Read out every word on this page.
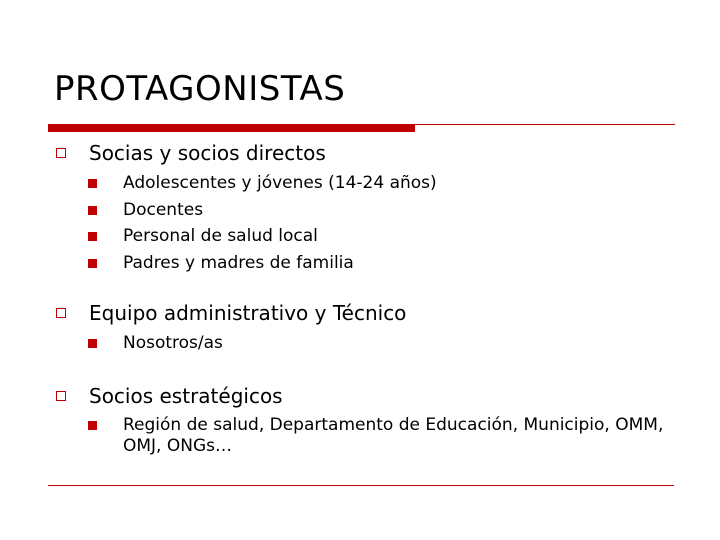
PROTAGONISTAS
Socias y socios directos
Adolescentes y jóvenes (14-24 años)
Docentes
Personal de salud local
Padres y madres de familia
Equipo administrativo y Técnico
Nosotros/as
Socios estratégicos
Región de salud, Departamento de Educación, Municipio, OMM, OMJ, ONGs…
